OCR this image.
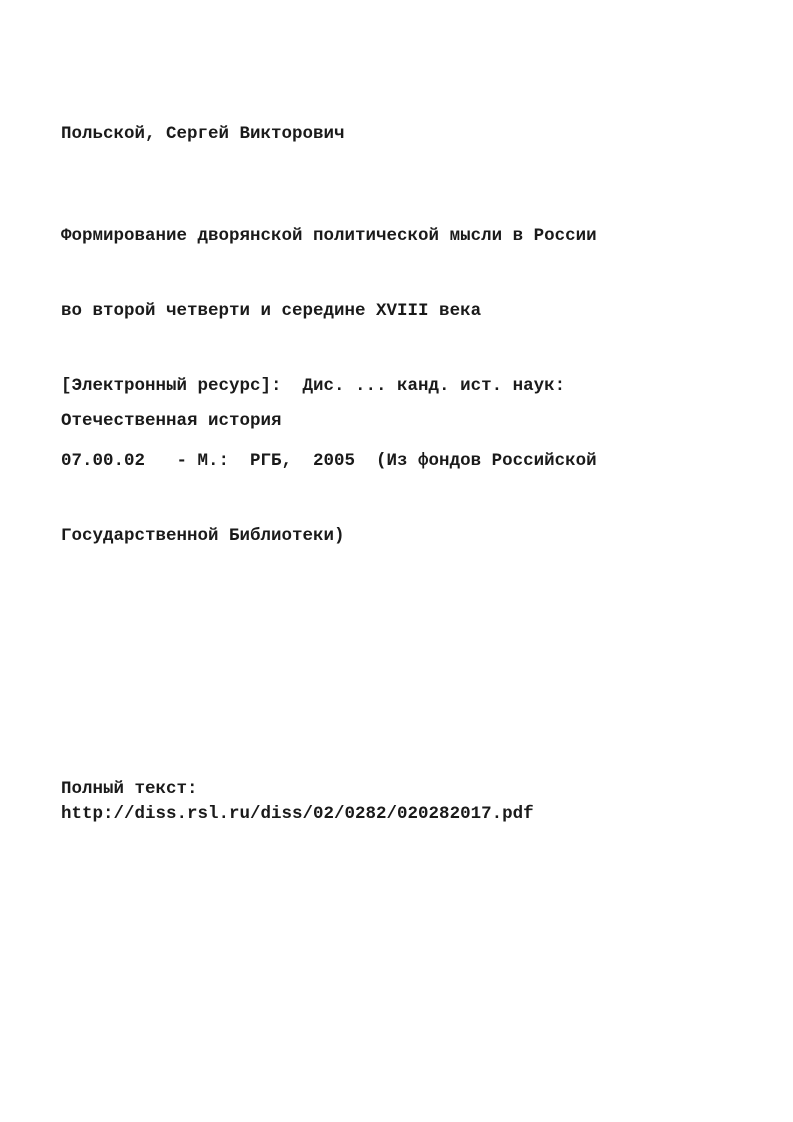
Польской, Сергей Викторович

Формирование дворянской политической мысли в России

во второй четверти и середине XVIII века

[Электронный ресурс]:  Дис. ... канд. ист. наук:

07.00.02   - М.:  РГБ,  2005  (Из фондов Российской

Государственной Библиотеки)

Отечественная история
Полный текст:
http://diss.rsl.ru/diss/02/0282/020282017.pdf
